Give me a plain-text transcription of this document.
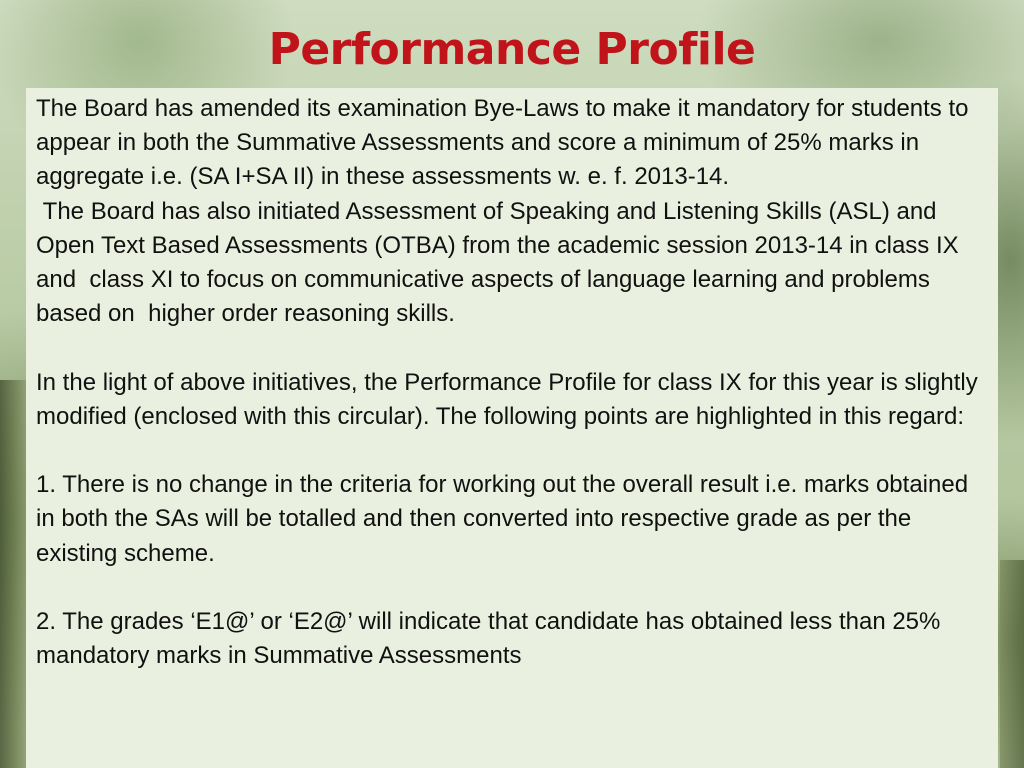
Performance Profile

The Board has amended its examination Bye-Laws to make it mandatory for students to appear in both the Summative Assessments and score a minimum of 25% marks in aggregate i.e. (SA I+SA II) in these assessments w. e. f. 2013-14.

The Board has also initiated Assessment of Speaking and Listening Skills (ASL) and  Open Text Based Assessments (OTBA) from the academic session 2013-14 in class IX and  class XI to focus on communicative aspects of language learning and problems based on  higher order reasoning skills.

In the light of above initiatives, the Performance Profile for class IX for this year is slightly modified (enclosed with this circular). The following points are highlighted in this regard:

1. There is no change in the criteria for working out the overall result i.e. marks obtained in both the SAs will be totalled and then converted into respective grade as per the existing scheme.

2. The grades ‘E1@’ or ‘E2@’ will indicate that candidate has obtained less than 25% mandatory marks in Summative Assessments
